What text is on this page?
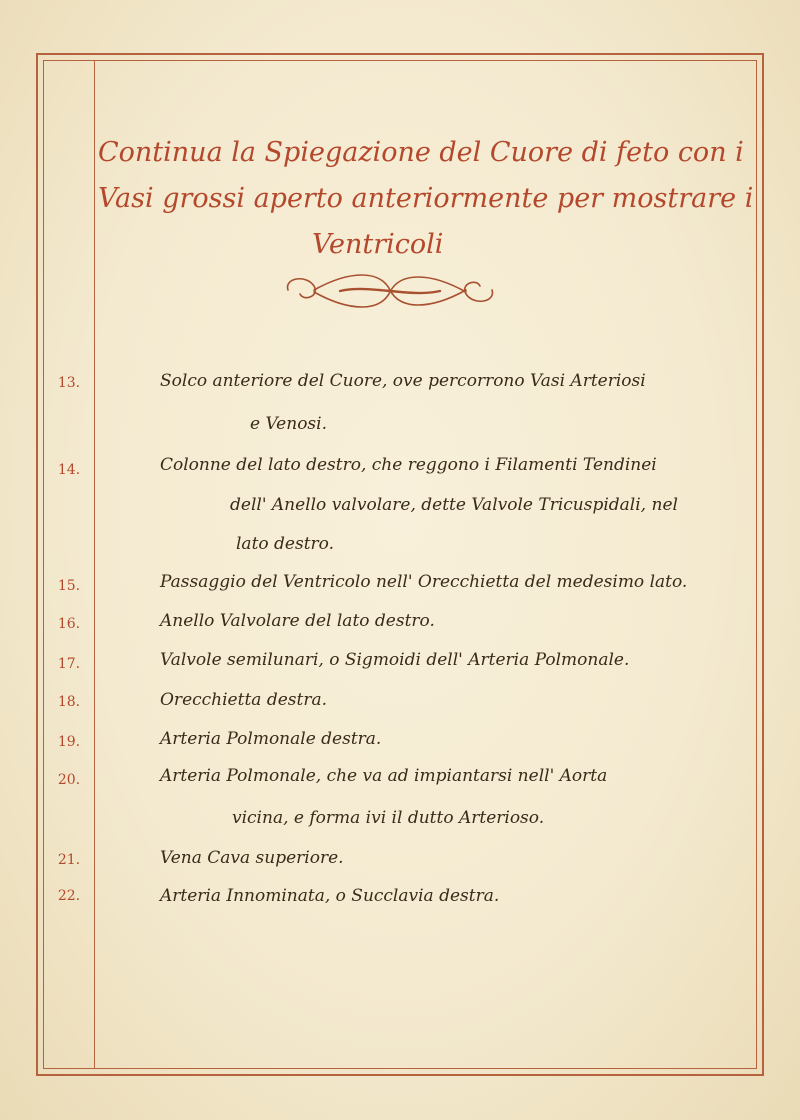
Continua la Spiegazione del Cuore di feto con i
Vasi grossi aperto anteriormente per mostrare i
Ventricoli
13.	Solco anteriore del Cuore, ove percorrono Vasi Arteriosi
e Venosi.
14.	Colonne del lato destro, che reggono i Filamenti Tendinei
dell' Anello valvolare, dette Valvole Tricuspidali, nel
lato destro.
15.	Passaggio del Ventricolo nell' Orecchietta del medesimo lato.
16.	Anello Valvolare del lato destro.
17.	Valvole semilunari, o Sigmoidi dell' Arteria Polmonale.
18.	Orecchietta destra.
19.	Arteria Polmonale destra.
20.	Arteria Polmonale, che va ad impiantarsi nell' Aorta
vicina, e forma ivi il dutto Arterioso.
21.	Vena Cava superiore.
22.	Arteria Innominata, o Succlavia destra.
